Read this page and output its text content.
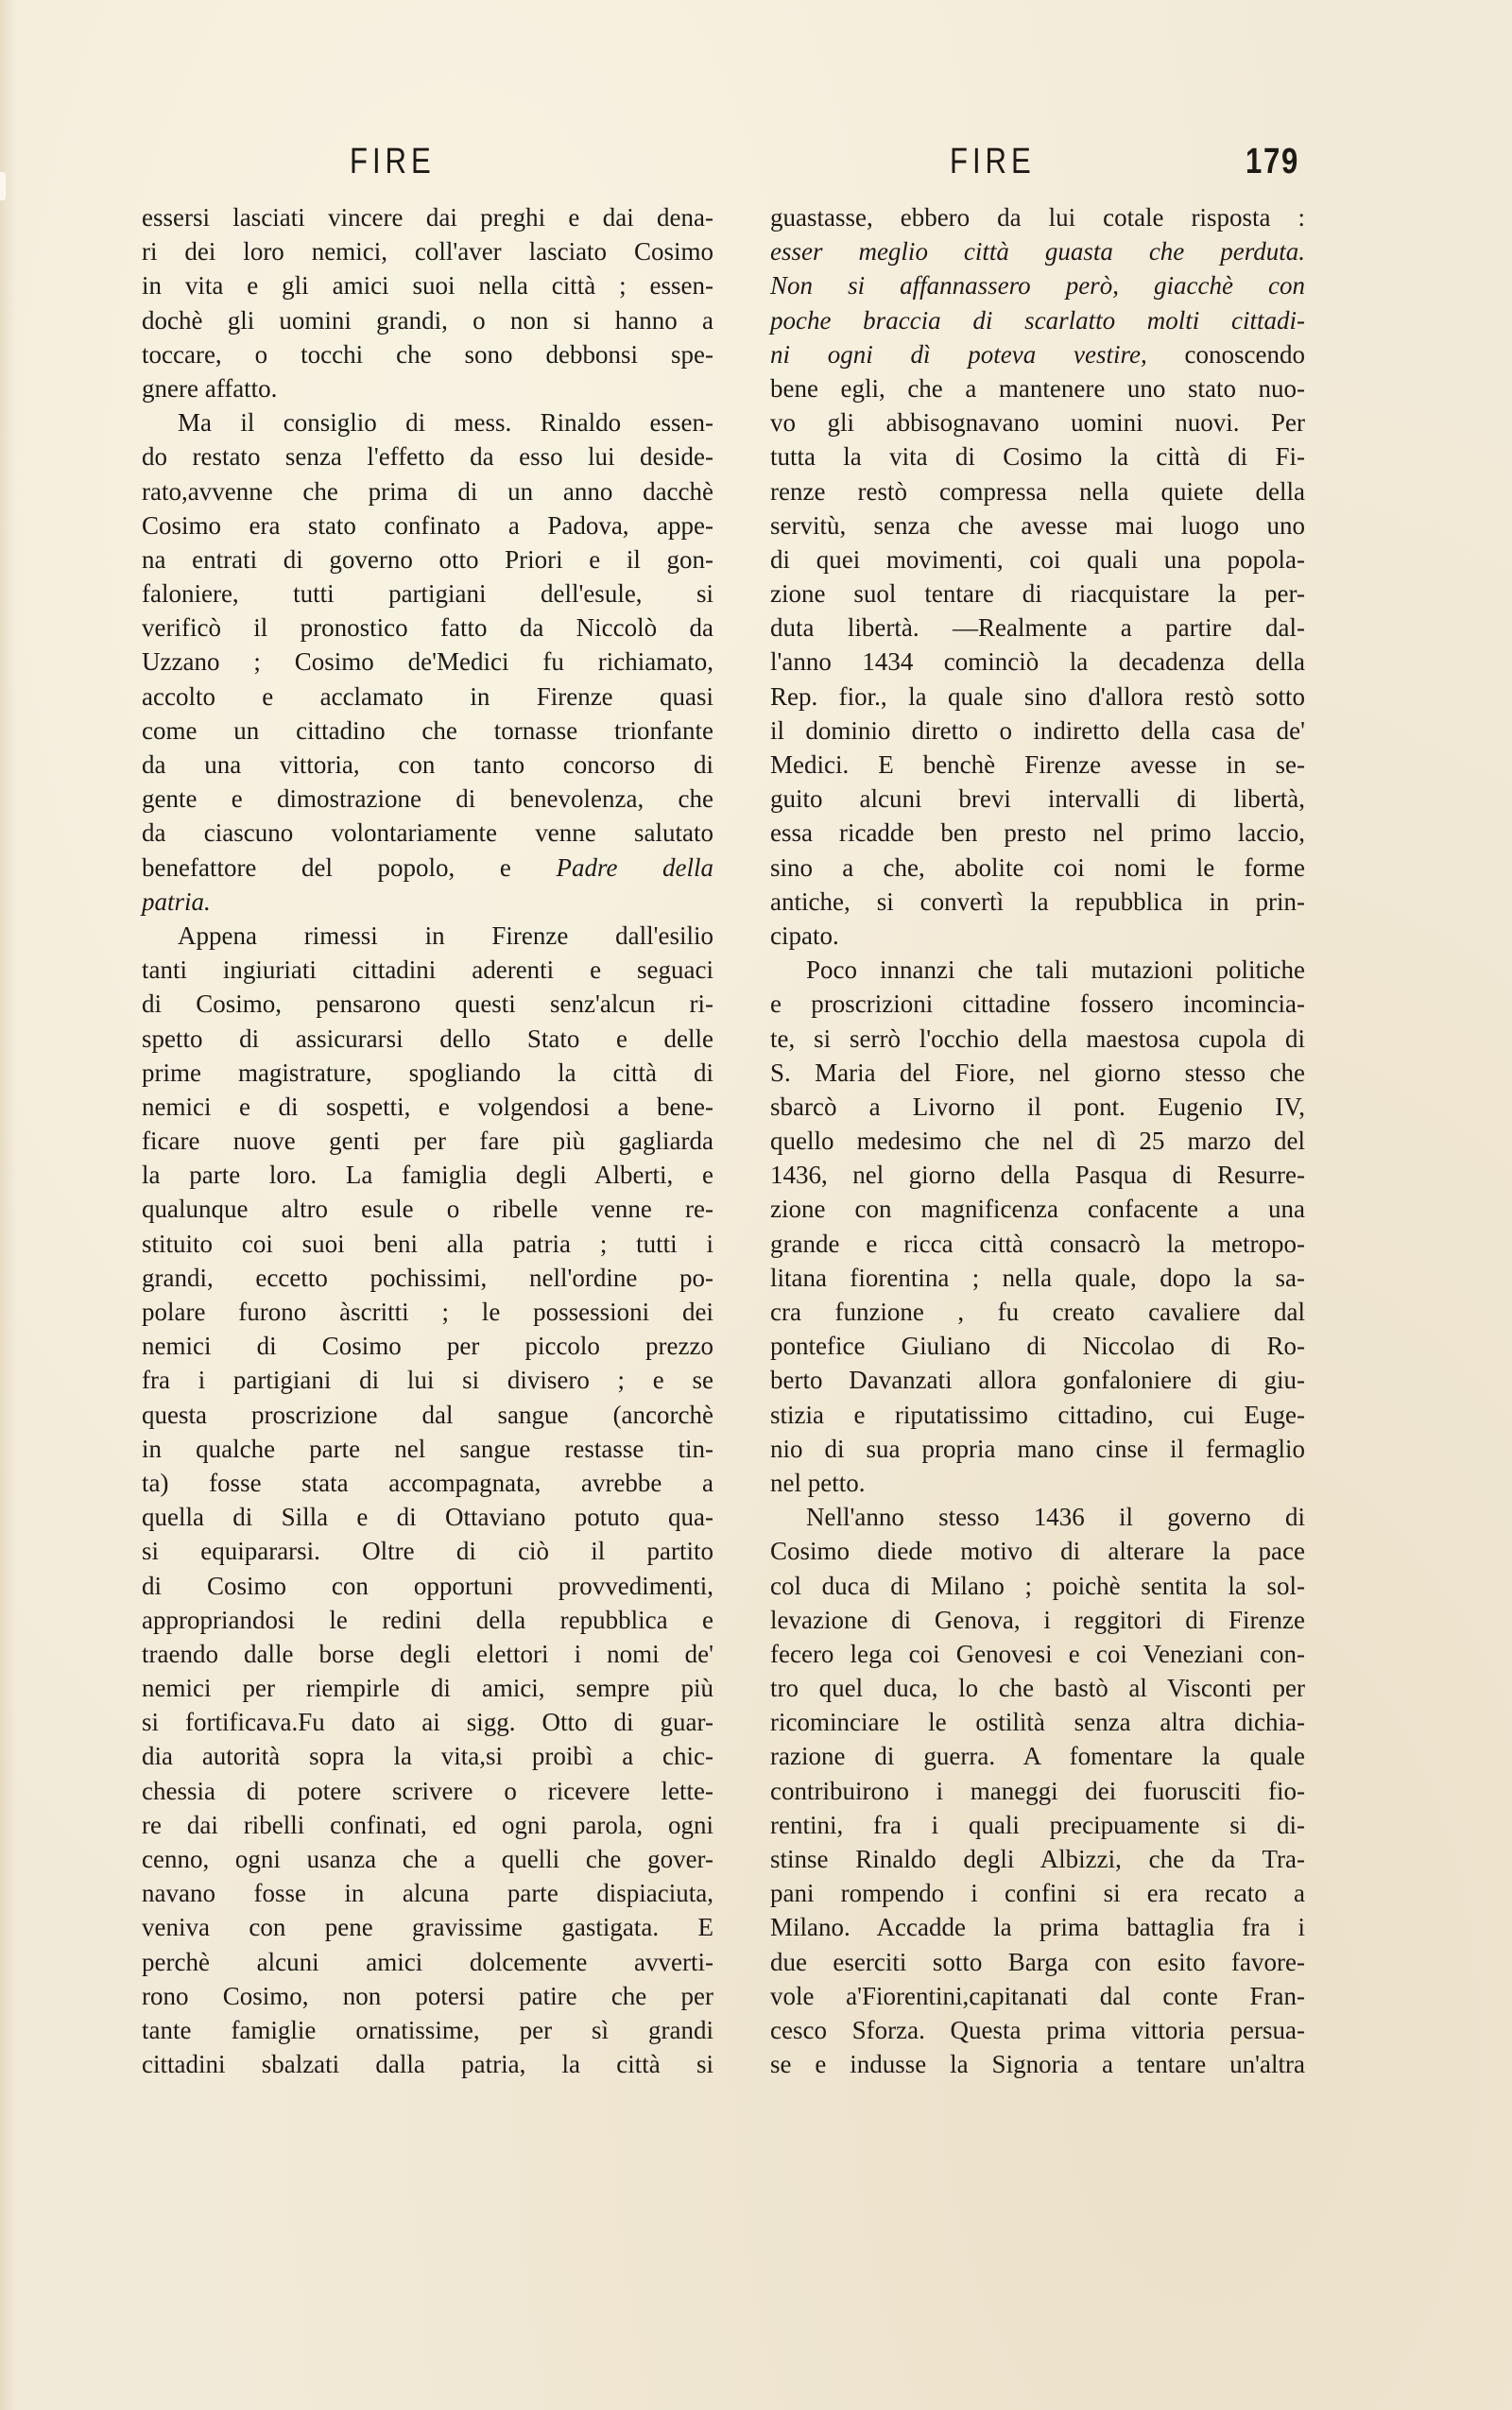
FIRE	FIRE	179
essersi lasciati vincere dai preghi e dai dena-
ri dei loro nemici, coll'aver lasciato Cosimo
in vita e gli amici suoi nella città ; essen-
dochè gli uomini grandi, o non si hanno a
toccare, o tocchi che sono debbonsi spe-
gnere affatto.
Ma il consiglio di mess. Rinaldo essen-
do restato senza l'effetto da esso lui deside-
rato,avvenne che prima di un anno dacchè
Cosimo era stato confinato a Padova, appe-
na entrati di governo otto Priori e il gon-
faloniere, tutti partigiani dell'esule, si
verificò il pronostico fatto da Niccolò da
Uzzano ; Cosimo de'Medici fu richiamato,
accolto e acclamato in Firenze quasi
come un cittadino che tornasse trionfante
da una vittoria, con tanto concorso di
gente e dimostrazione di benevolenza, che
da ciascuno volontariamente venne salutato
benefattore del popolo, e Padre della
patria.
Appena rimessi in Firenze dall'esilio
tanti ingiuriati cittadini aderenti e seguaci
di Cosimo, pensarono questi senz'alcun ri-
spetto di assicurarsi dello Stato e delle
prime magistrature, spogliando la città di
nemici e di sospetti, e volgendosi a bene-
ficare nuove genti per fare più gagliarda
la parte loro. La famiglia degli Alberti, e
qualunque altro esule o ribelle venne re-
stituito coi suoi beni alla patria ; tutti i
grandi, eccetto pochissimi, nell'ordine po-
polare furono àscritti ; le possessioni dei
nemici di Cosimo per piccolo prezzo
fra i partigiani di lui si divisero ; e se
questa proscrizione dal sangue (ancorchè
in qualche parte nel sangue restasse tin-
ta) fosse stata accompagnata, avrebbe a
quella di Silla e di Ottaviano potuto qua-
si equipararsi. Oltre di ciò il partito
di Cosimo con opportuni provvedimenti,
appropriandosi le redini della repubblica e
traendo dalle borse degli elettori i nomi de'
nemici per riempirle di amici, sempre più
si fortificava.Fu dato ai sigg. Otto di guar-
dia autorità sopra la vita,si proibì a chic-
chessia di potere scrivere o ricevere lette-
re dai ribelli confinati, ed ogni parola, ogni
cenno, ogni usanza che a quelli che gover-
navano fosse in alcuna parte dispiaciuta,
veniva con pene gravissime gastigata. E
perchè alcuni amici dolcemente avverti-
rono Cosimo, non potersi patire che per
tante famiglie ornatissime, per sì grandi
cittadini sbalzati dalla patria, la città si
guastasse, ebbero da lui cotale risposta :
esser meglio città guasta che perduta.
Non si affannassero però, giacchè con
poche braccia di scarlatto molti cittadi-
ni ogni dì poteva vestire, conoscendo
bene egli, che a mantenere uno stato nuo-
vo gli abbisognavano uomini nuovi. Per
tutta la vita di Cosimo la città di Fi-
renze restò compressa nella quiete della
servitù, senza che avesse mai luogo uno
di quei movimenti, coi quali una popola-
zione suol tentare di riacquistare la per-
duta libertà. —Realmente a partire dal-
l'anno 1434 cominciò la decadenza della
Rep. fior., la quale sino d'allora restò sotto
il dominio diretto o indiretto della casa de'
Medici. E benchè Firenze avesse in se-
guito alcuni brevi intervalli di libertà,
essa ricadde ben presto nel primo laccio,
sino a che, abolite coi nomi le forme
antiche, si convertì la repubblica in prin-
cipato.
Poco innanzi che tali mutazioni politiche
e proscrizioni cittadine fossero incomincia-
te, si serrò l'occhio della maestosa cupola di
S. Maria del Fiore, nel giorno stesso che
sbarcò a Livorno il pont. Eugenio IV,
quello medesimo che nel dì 25 marzo del
1436, nel giorno della Pasqua di Resurre-
zione con magnificenza confacente a una
grande e ricca città consacrò la metropo-
litana fiorentina ; nella quale, dopo la sa-
cra funzione , fu creato cavaliere dal
pontefice Giuliano di Niccolao di Ro-
berto Davanzati allora gonfaloniere di giu-
stizia e riputatissimo cittadino, cui Euge-
nio di sua propria mano cinse il fermaglio
nel petto.
Nell'anno stesso 1436 il governo di
Cosimo diede motivo di alterare la pace
col duca di Milano ; poichè sentita la sol-
levazione di Genova, i reggitori di Firenze
fecero lega coi Genovesi e coi Veneziani con-
tro quel duca, lo che bastò al Visconti per
ricominciare le ostilità senza altra dichia-
razione di guerra. A fomentare la quale
contribuirono i maneggi dei fuorusciti fio-
rentini, fra i quali precipuamente si di-
stinse Rinaldo degli Albizzi, che da Tra-
pani rompendo i confini si era recato a
Milano. Accadde la prima battaglia fra i
due eserciti sotto Barga con esito favore-
vole a'Fiorentini,capitanati dal conte Fran-
cesco Sforza. Questa prima vittoria persua-
se e indusse la Signoria a tentare un'altra
